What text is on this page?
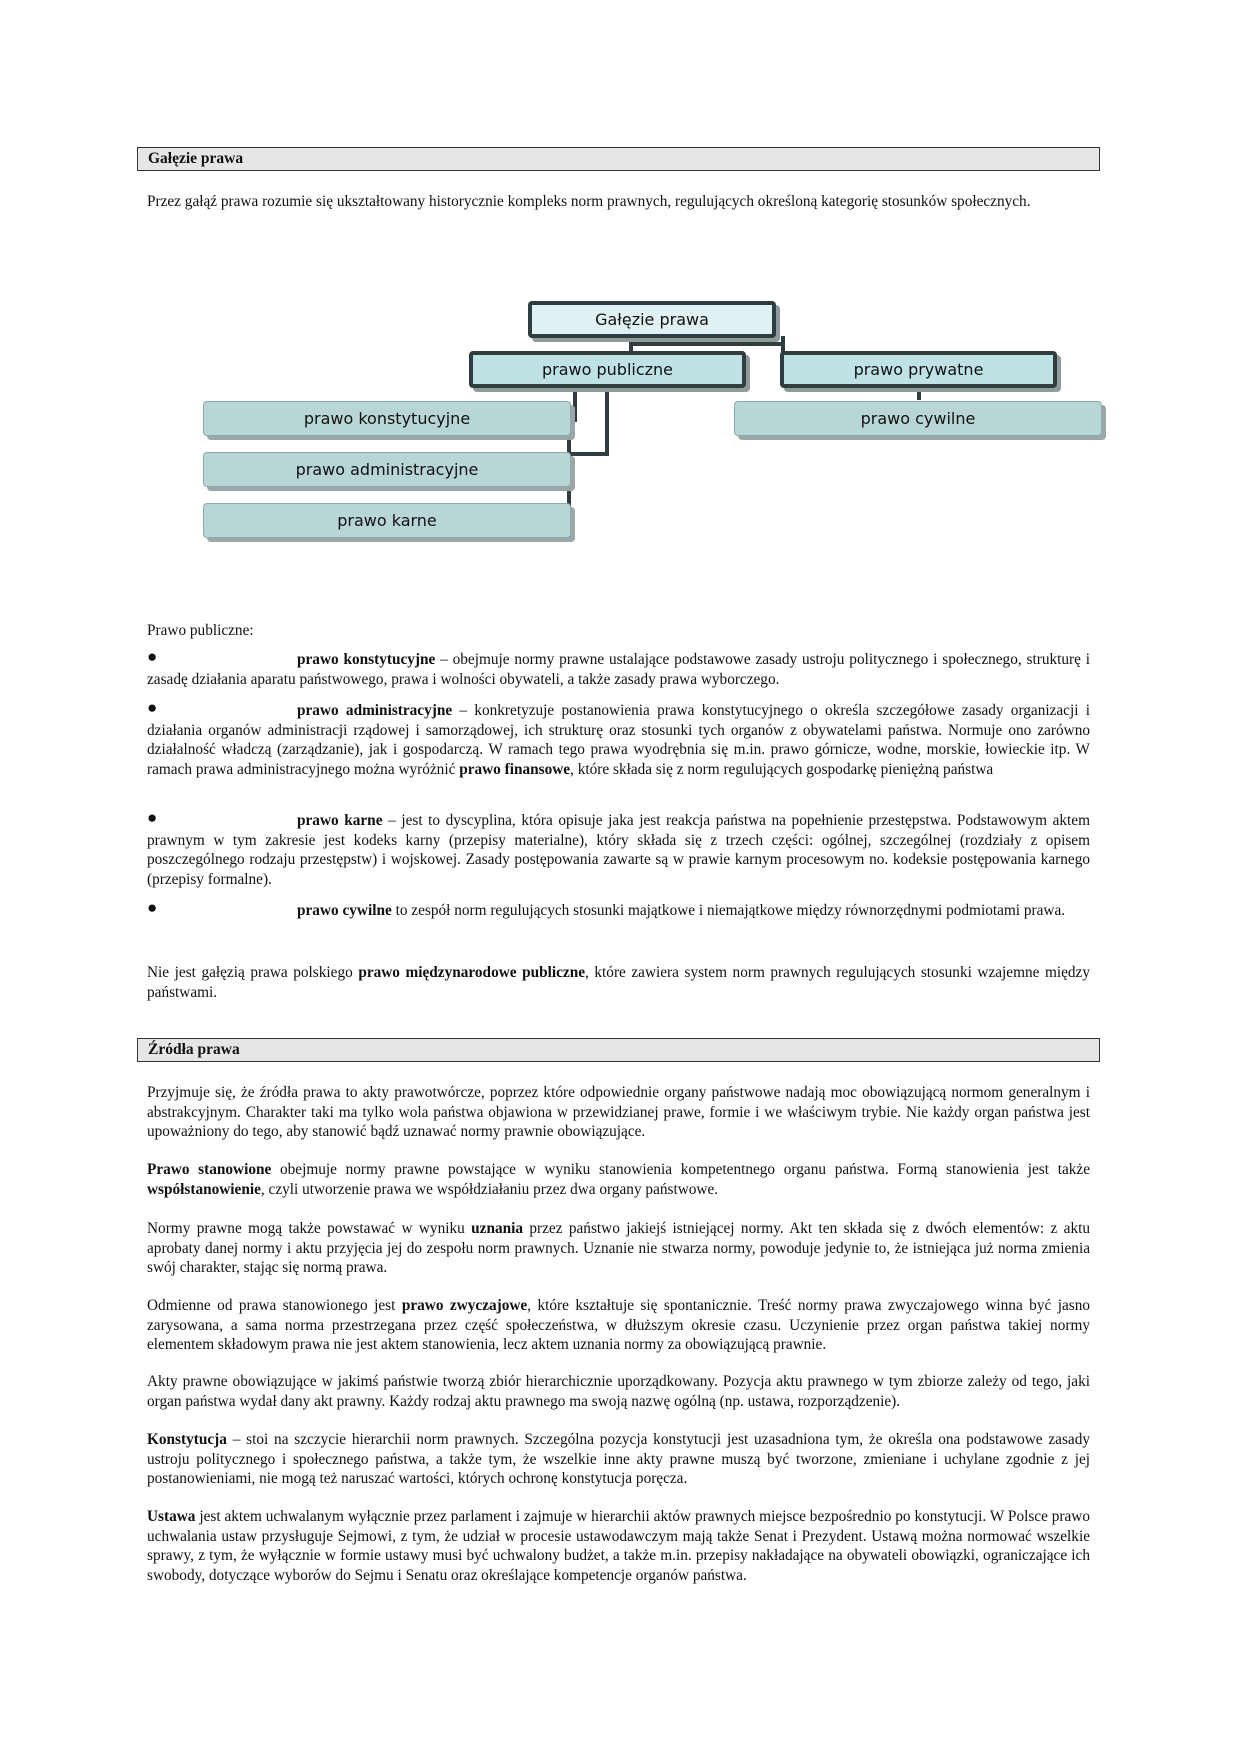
Gałęzie prawa

Przez gałąź prawa rozumie się ukształtowany historycznie kompleks norm prawnych, regulujących określoną kategorię stosunków społecznych.

Gałęzie prawa
prawo publiczne	prawo prywatne
prawo konstytucyjne
prawo administracyjne
prawo karne
prawo cywilne

Prawo publiczne:

●	prawo konstytucyjne – obejmuje normy prawne ustalające podstawowe zasady ustroju politycznego i społecznego, strukturę i zasadę działania aparatu państwowego, prawa i wolności obywateli, a także zasady prawa wyborczego.

●	prawo administracyjne – konkretyzuje postanowienia prawa konstytucyjnego o określa szczegółowe zasady organizacji i działania organów administracji rządowej i samorządowej, ich strukturę oraz stosunki tych organów z obywatelami państwa. Normuje ono zarówno działalność władczą (zarządzanie), jak i gospodarczą. W ramach tego prawa wyodrębnia się m.in. prawo górnicze, wodne, morskie, łowieckie itp. W ramach prawa administracyjnego można wyróżnić prawo finansowe, które składa się z norm regulujących gospodarkę pieniężną państwa

●	prawo karne – jest to dyscyplina, która opisuje jaka jest reakcja państwa na popełnienie przestępstwa. Podstawowym aktem prawnym w tym zakresie jest kodeks karny (przepisy materialne), który składa się z trzech części: ogólnej, szczególnej (rozdziały z opisem poszczególnego rodzaju przestępstw) i wojskowej. Zasady postępowania zawarte są w prawie karnym procesowym no. kodeksie postępowania karnego (przepisy formalne).

●	prawo cywilne to zespół norm regulujących stosunki majątkowe i niemajątkowe między równorzędnymi podmiotami prawa.

Nie jest gałęzią prawa polskiego prawo międzynarodowe publiczne, które zawiera system norm prawnych regulujących stosunki wzajemne między państwami.

Źródła prawa

Przyjmuje się, że źródła prawa to akty prawotwórcze, poprzez które odpowiednie organy państwowe nadają moc obowiązującą normom generalnym i abstrakcyjnym. Charakter taki ma tylko wola państwa objawiona w przewidzianej prawe, formie i we właściwym trybie. Nie każdy organ państwa jest upoważniony do tego, aby stanowić bądź uznawać normy prawnie obowiązujące.

Prawo stanowione obejmuje normy prawne powstające w wyniku stanowienia kompetentnego organu państwa. Formą stanowienia jest także współstanowienie, czyli utworzenie prawa we współdziałaniu przez dwa organy państwowe.

Normy prawne mogą także powstawać w wyniku uznania przez państwo jakiejś istniejącej normy. Akt ten składa się z dwóch elementów: z aktu aprobaty danej normy i aktu przyjęcia jej do zespołu norm prawnych. Uznanie nie stwarza normy, powoduje jedynie to, że istniejąca już norma zmienia swój charakter, stając się normą prawa.

Odmienne od prawa stanowionego jest prawo zwyczajowe, które kształtuje się spontanicznie. Treść normy prawa zwyczajowego winna być jasno zarysowana, a sama norma przestrzegana przez część społeczeństwa, w dłuższym okresie czasu. Uczynienie przez organ państwa takiej normy elementem składowym prawa nie jest aktem stanowienia, lecz aktem uznania normy za obowiązującą prawnie.

Akty prawne obowiązujące w jakimś państwie tworzą zbiór hierarchicznie uporządkowany. Pozycja aktu prawnego w tym zbiorze zależy od tego, jaki organ państwa wydał dany akt prawny. Każdy rodzaj aktu prawnego ma swoją nazwę ogólną (np. ustawa, rozporządzenie).

Konstytucja – stoi na szczycie hierarchii norm prawnych. Szczególna pozycja konstytucji jest uzasadniona tym, że określa ona podstawowe zasady ustroju politycznego i społecznego państwa, a także tym, że wszelkie inne akty prawne muszą być tworzone, zmieniane i uchylane zgodnie z jej postanowieniami, nie mogą też naruszać wartości, których ochronę konstytucja poręcza.

Ustawa jest aktem uchwalanym wyłącznie przez parlament i zajmuje w hierarchii aktów prawnych miejsce bezpośrednio po konstytucji. W Polsce prawo uchwalania ustaw przysługuje Sejmowi, z tym, że udział w procesie ustawodawczym mają także Senat i Prezydent. Ustawą można normować wszelkie sprawy, z tym, że wyłącznie w formie ustawy musi być uchwalony budżet, a także m.in. przepisy nakładające na obywateli obowiązki, ograniczające ich swobody, dotyczące wyborów do Sejmu i Senatu oraz określające kompetencje organów państwa.
